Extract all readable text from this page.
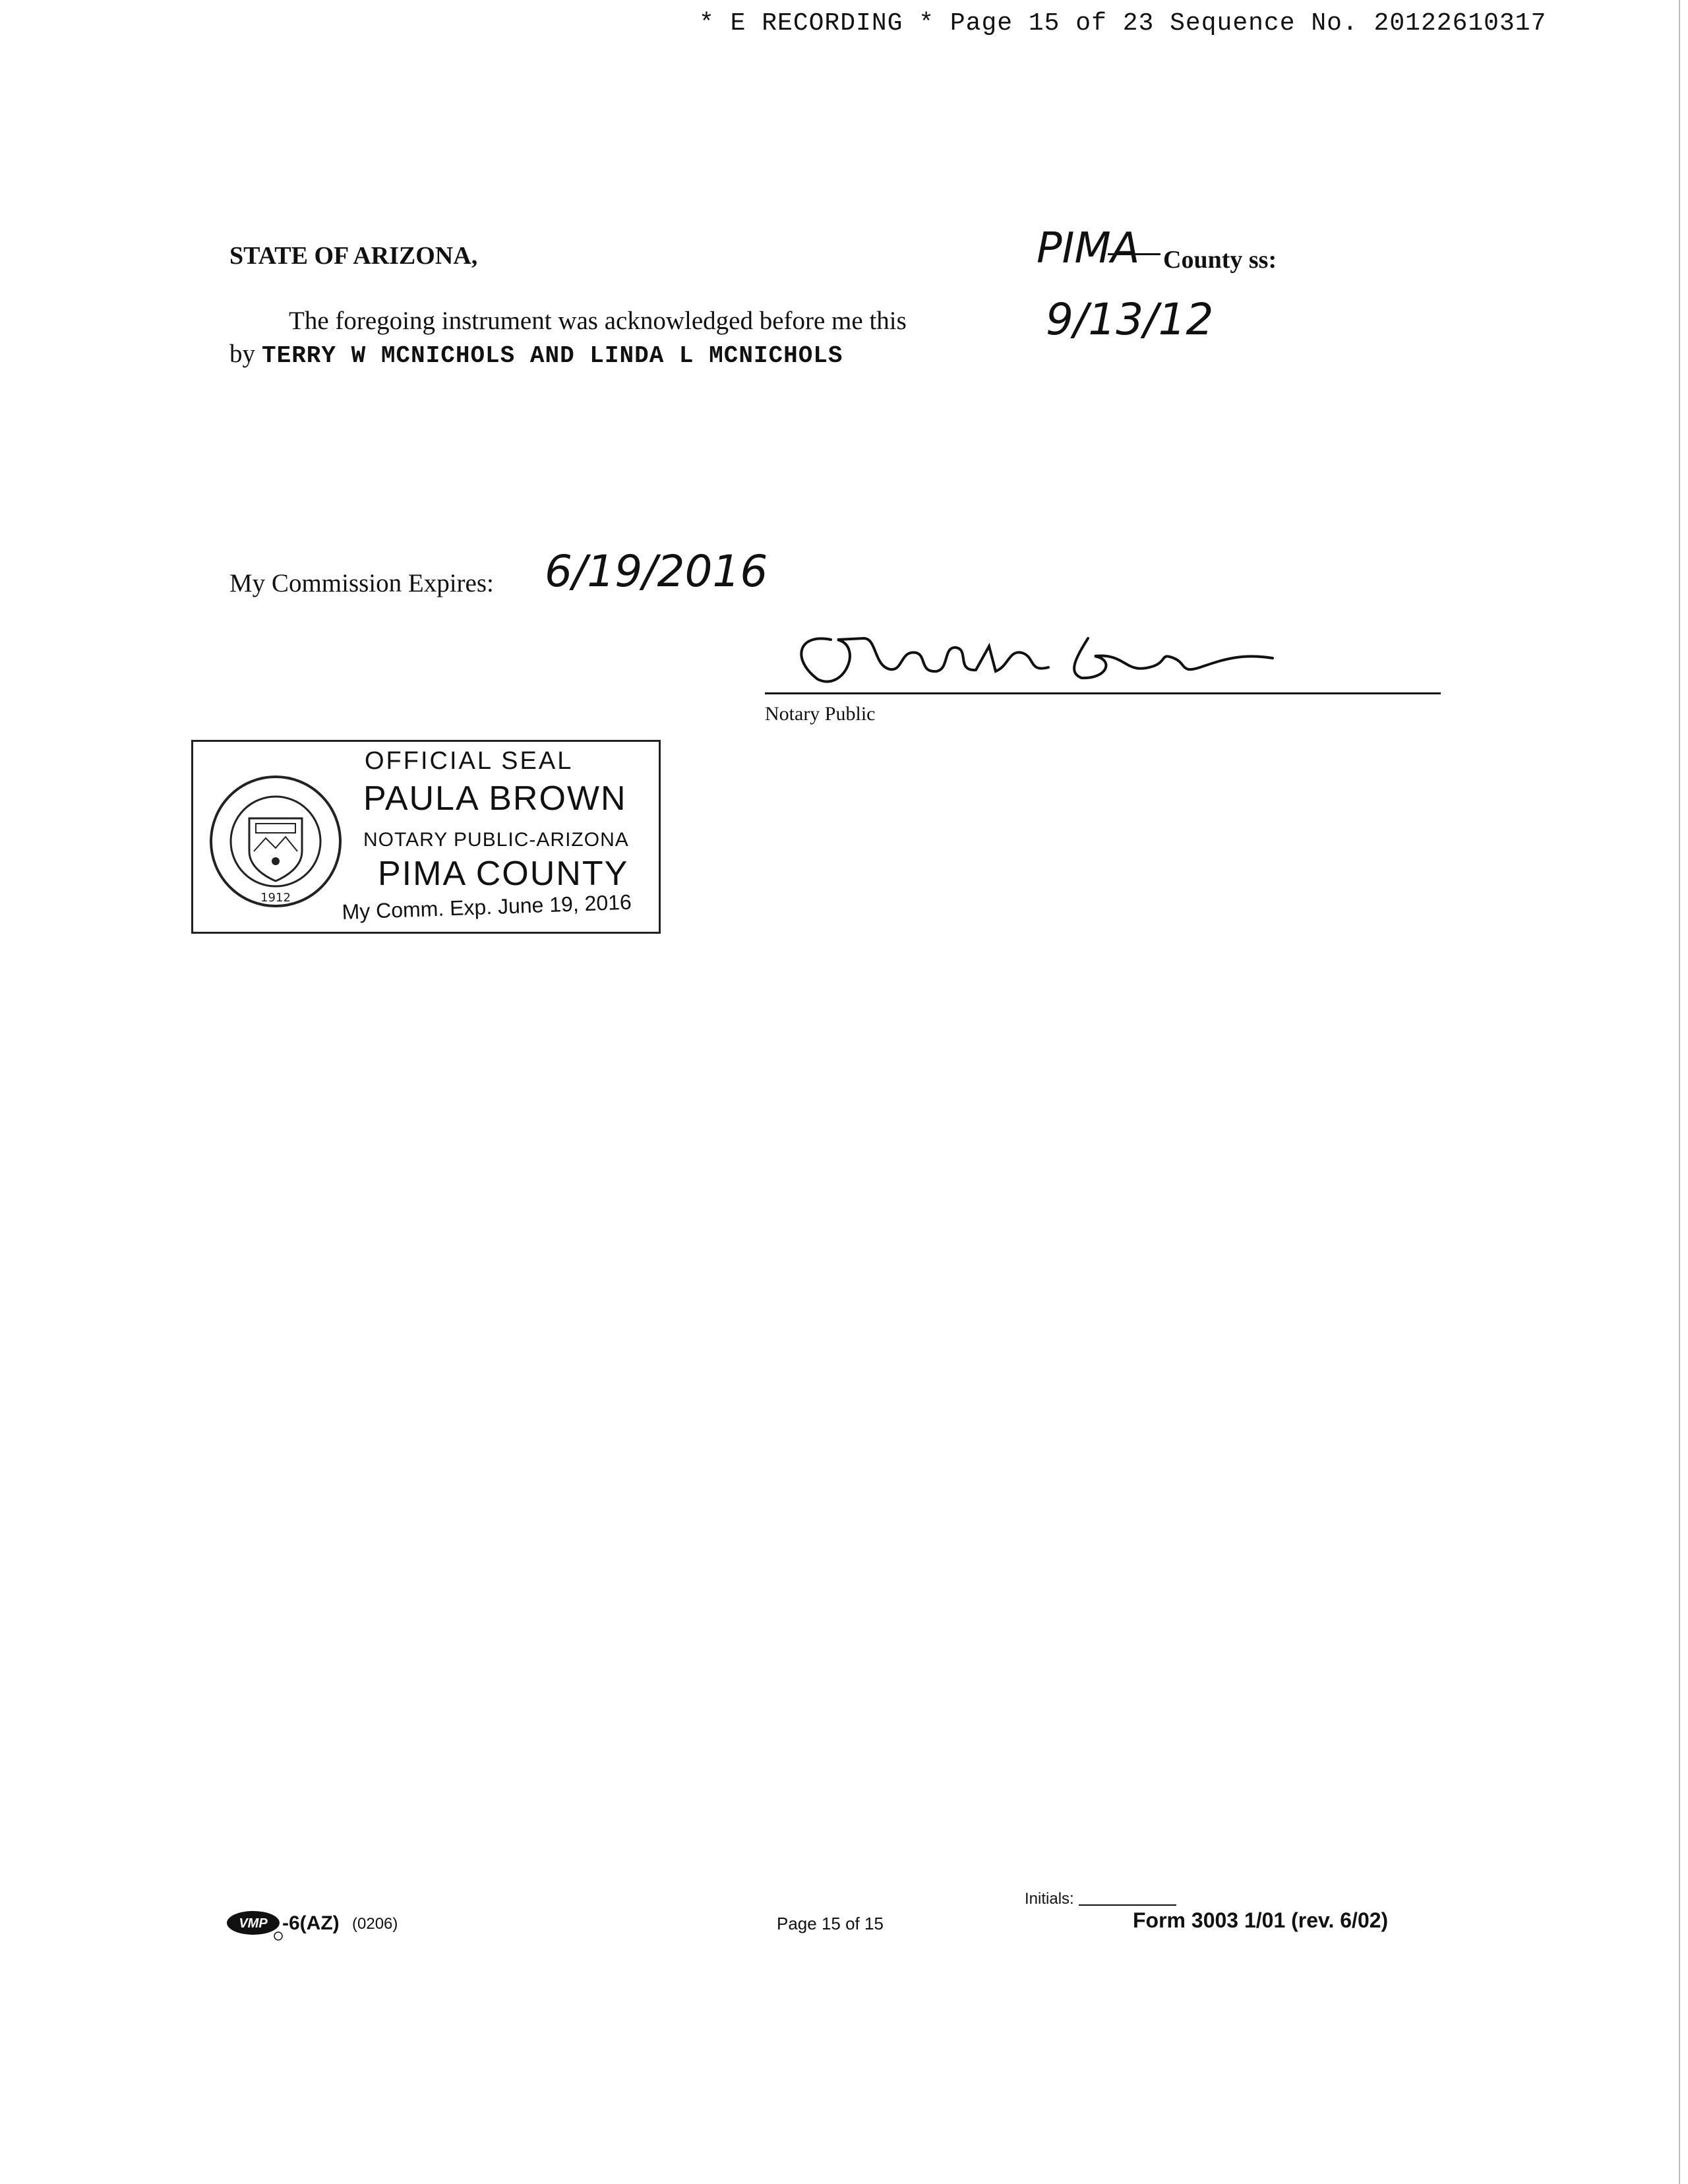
* E RECORDING * Page 15 of 23 Sequence No. 20122610317
STATE OF ARIZONA,	PIMA County ss:
The foregoing instrument was acknowledged before me this	9/13/12
by TERRY W MCNICHOLS AND LINDA L MCNICHOLS
My Commission Expires: 6/19/2016
Notary Public
1912
OFFICIAL SEAL
PAULA BROWN
NOTARY PUBLIC-ARIZONA
PIMA COUNTY
My Comm. Exp. June 19, 2016
VMP -6(AZ) (0206)	Page 15 of 15
Initials:
Form 3003 1/01 (rev. 6/02)
